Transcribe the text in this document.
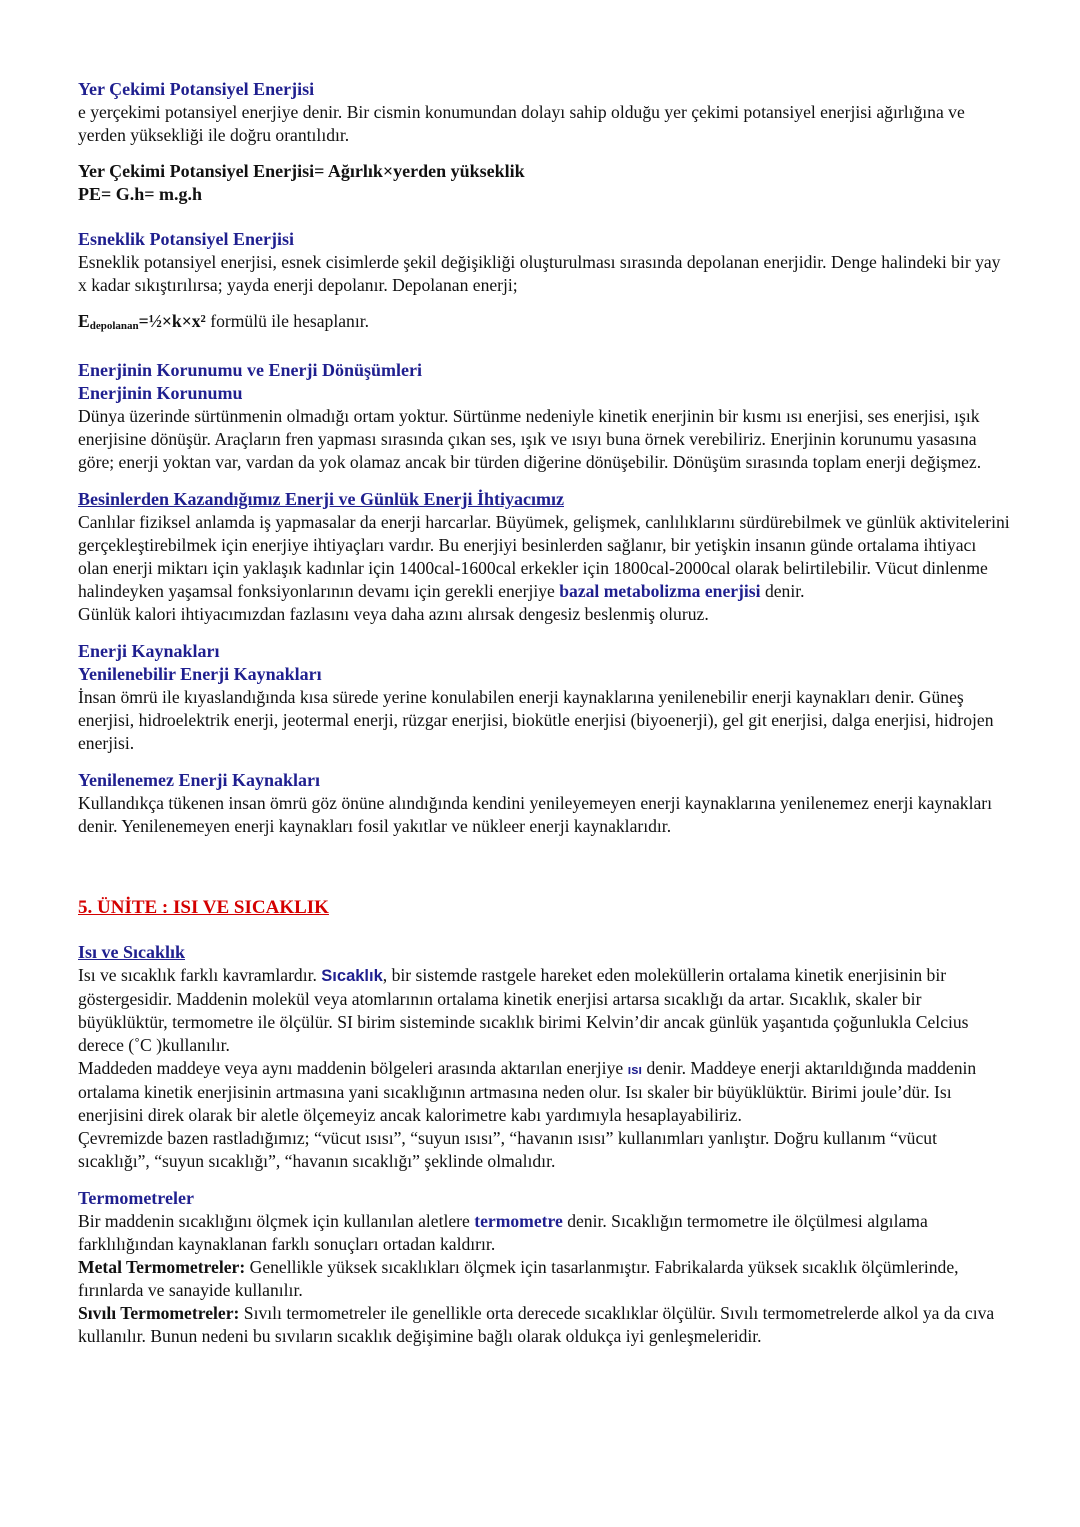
Yer Çekimi Potansiyel Enerjisi

e yerçekimi potansiyel enerjiye denir. Bir cismin konumundan dolayı sahip olduğu yer çekimi potansiyel enerjisi ağırlığına ve yerden yüksekliği ile doğru orantılıdır.

Yer Çekimi Potansiyel Enerjisi= Ağırlık×yerden yükseklik

PE= G.h= m.g.h

Esneklik Potansiyel Enerjisi

Esneklik potansiyel enerjisi, esnek cisimlerde şekil değişikliği oluşturulması sırasında depolanan enerjidir. Denge halindeki bir yay x kadar sıkıştırılırsa; yayda enerji depolanır. Depolanan enerji;

$E_{depolanan}=\frac{1}{2}\times k\times x^2$ formülü ile hesaplanır.

Enerjinin Korunumu ve Enerji Dönüşümleri

Enerjinin Korunumu

Dünya üzerinde sürtünmenin olmadığı ortam yoktur. Sürtünme nedeniyle kinetik enerjinin bir kısmı ısı enerjisi, ses enerjisi, ışık enerjisine dönüşür. Araçların fren yapması sırasında çıkan ses, ışık ve ısıyı buna örnek verebiliriz. Enerjinin korunumu yasasına göre; enerji yoktan var, vardan da yok olamaz ancak bir türden diğerine dönüşebilir. Dönüşüm sırasında toplam enerji değişmez.

Besinlerden Kazandığımız Enerji ve Günlük Enerji İhtiyacımız

Canlılar fiziksel anlamda iş yapmasalar da enerji harcarlar. Büyümek, gelişmek, canlılıklarını sürdürebilmek ve günlük aktivitelerini gerçekleştirebilmek için enerjiye ihtiyaçları vardır. Bu enerjiyi besinlerden sağlanır, bir yetişkin insanın günde ortalama ihtiyacı olan enerji miktarı için yaklaşık kadınlar için 1400cal-1600cal erkekler için 1800cal-2000cal olarak belirtilebilir. Vücut dinlenme

halindeyken yaşamsal fonksiyonlarının devamı için gerekli enerjiye bazal metabolizma enerjisi denir.

Günlük kalori ihtiyacımızdan fazlasını veya daha azını alırsak dengesiz beslenmiş oluruz.

Enerji Kaynakları

Yenilenebilir Enerji Kaynakları

İnsan ömrü ile kıyaslandığında kısa sürede yerine konulabilen enerji kaynaklarına yenilenebilir enerji kaynakları denir. Güneş enerjisi, hidroelektrik enerji, jeotermal enerji, rüzgar enerjisi, biokütle enerjisi (biyoenerji), gel git enerjisi, dalga enerjisi, hidrojen enerjisi.

Yenilenemez Enerji Kaynakları

Kullandıkça tükenen insan ömrü göz önüne alındığında kendini yenileyemeyen enerji kaynaklarına yenilenemez enerji kaynakları denir. Yenilenemeyen enerji kaynakları fosil yakıtlar ve nükleer enerji kaynaklarıdır.

5. ÜNİTE : ISI VE SICAKLIK

Isı ve Sıcaklık

Isı ve sıcaklık farklı kavramlardır. Sıcaklık, bir sistemde rastgele hareket eden moleküllerin ortalama kinetik enerjisinin bir göstergesidir. Maddenin molekül veya atomlarının ortalama kinetik enerjisi artarsa sıcaklığı da artar. Sıcaklık, skaler bir

büyüklüktür, termometre ile ölçülür. SI birim sisteminde sıcaklık birimi Kelvin’dir ancak günlük yaşantıda çoğunlukla Celcius derece (˚C )kullanılır.

Maddeden maddeye veya aynı maddenin bölgeleri arasında aktarılan enerjiye ısı denir. Maddeye enerji aktarıldığında maddenin ortalama kinetik enerjisinin artmasına yani sıcaklığının artmasına neden olur. Isı skaler bir büyüklüktür. Birimi joule’dür. Isı enerjisini direk olarak bir aletle ölçemeyiz ancak kalorimetre kabı yardımıyla hesaplayabiliriz.

Çevremizde bazen rastladığımız; “vücut ısısı”, “suyun ısısı”, “havanın ısısı” kullanımları yanlıştır. Doğru kullanım “vücut sıcaklığı”, “suyun sıcaklığı”, “havanın sıcaklığı” şeklinde olmalıdır.

Termometreler

Bir maddenin sıcaklığını ölçmek için kullanılan aletlere termometre denir. Sıcaklığın termometre ile ölçülmesi algılama farklılığından kaynaklanan farklı sonuçları ortadan kaldırır.

Metal Termometreler: Genellikle yüksek sıcaklıkları ölçmek için tasarlanmıştır. Fabrikalarda yüksek sıcaklık ölçümlerinde, fırınlarda ve sanayide kullanılır.

Sıvılı Termometreler: Sıvılı termometreler ile genellikle orta derecede sıcaklıklar ölçülür. Sıvılı termometrelerde alkol ya da cıva kullanılır. Bunun nedeni bu sıvıların sıcaklık değişimine bağlı olarak oldukça iyi genleşmeleridir.
